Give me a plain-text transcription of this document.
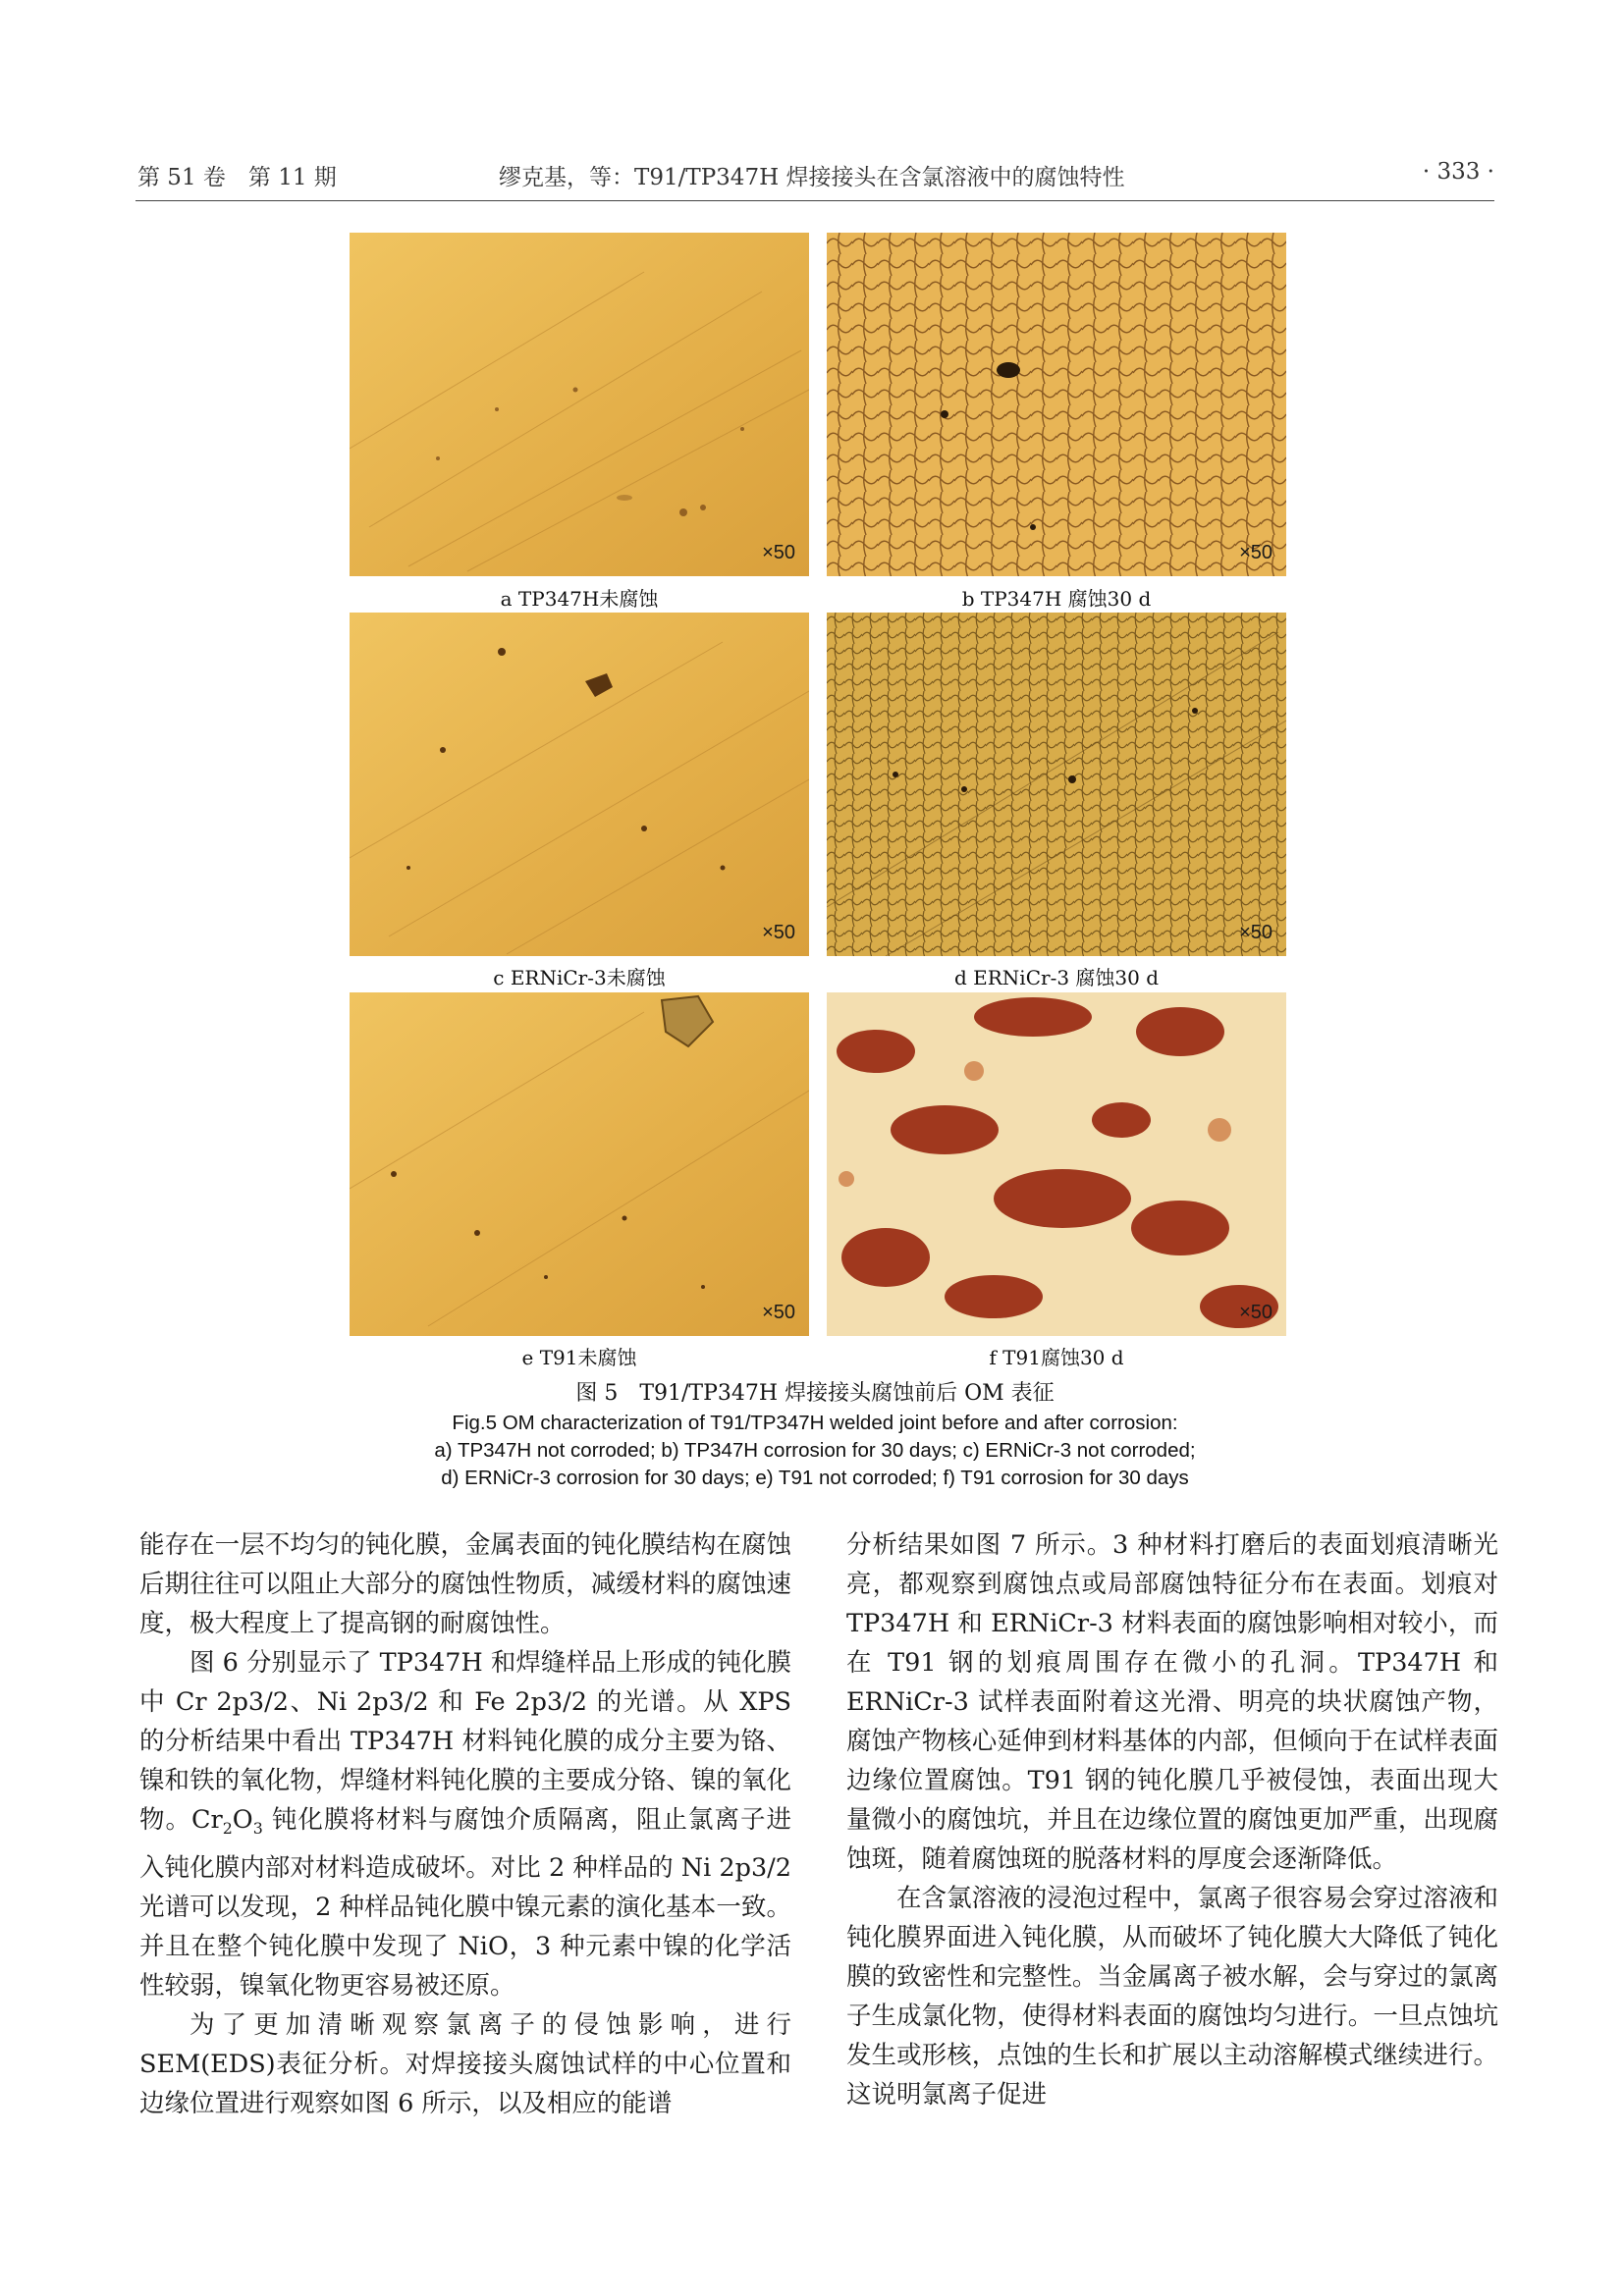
第 51 卷　第 11 期	缪克基，等：T91/TP347H 焊接接头在含氯溶液中的腐蚀特性	· 333 ·
×50
a TP347H未腐蚀
×50
b TP347H 腐蚀30 d
×50
c ERNiCr-3未腐蚀
×50
d ERNiCr-3 腐蚀30 d
×50
e T91未腐蚀
×50
f T91腐蚀30 d
图 5　T91/TP347H 焊接接头腐蚀前后 OM 表征
Fig.5 OM characterization of T91/TP347H welded joint before and after corrosion:
a) TP347H not corroded; b) TP347H corrosion for 30 days; c) ERNiCr-3 not corroded;
d) ERNiCr-3 corrosion for 30 days; e) T91 not corroded; f) T91 corrosion for 30 days

能存在一层不均匀的钝化膜，金属表面的钝化膜结构在腐蚀后期往往可以阻止大部分的腐蚀性物质，减缓材料的腐蚀速度，极大程度上了提高钢的耐腐蚀性。

图 6 分别显示了 TP347H 和焊缝样品上形成的钝化膜中 Cr 2p3/2、Ni 2p3/2 和 Fe 2p3/2 的光谱。从 XPS 的分析结果中看出 TP347H 材料钝化膜的成分主要为铬、镍和铁的氧化物，焊缝材料钝化膜的主要成分铬、镍的氧化物。$Cr_2O_3$ 钝化膜将材料与腐蚀介质隔离，阻止氯离子进入钝化膜内部对材料造成破坏。对比 2 种样品的 Ni 2p3/2 光谱可以发现，2 种样品钝化膜中镍元素的演化基本一致。并且在整个钝化膜中发现了 NiO，3 种元素中镍的化学活性较弱，镍氧化物更容易被还原。

为了更加清晰观察氯离子的侵蚀影响，进行 SEM(EDS)表征分析。对焊接接头腐蚀试样的中心位置和边缘位置进行观察如图 6 所示，以及相应的能谱

分析结果如图 7 所示。3 种材料打磨后的表面划痕清晰光亮，都观察到腐蚀点或局部腐蚀特征分布在表面。划痕对 TP347H 和 ERNiCr-3 材料表面的腐蚀影响相对较小，而在 T91 钢的划痕周围存在微小的孔洞。TP347H 和 ERNiCr-3 试样表面附着这光滑、明亮的块状腐蚀产物，腐蚀产物核心延伸到材料基体的内部，但倾向于在试样表面边缘位置腐蚀。T91 钢的钝化膜几乎被侵蚀，表面出现大量微小的腐蚀坑，并且在边缘位置的腐蚀更加严重，出现腐蚀斑，随着腐蚀斑的脱落材料的厚度会逐渐降低。

在含氯溶液的浸泡过程中，氯离子很容易会穿过溶液和钝化膜界面进入钝化膜，从而破坏了钝化膜大大降低了钝化膜的致密性和完整性。当金属离子被水解，会与穿过的氯离子生成氯化物，使得材料表面的腐蚀均匀进行。一旦点蚀坑发生或形核，点蚀的生长和扩展以主动溶解模式继续进行。这说明氯离子促进
